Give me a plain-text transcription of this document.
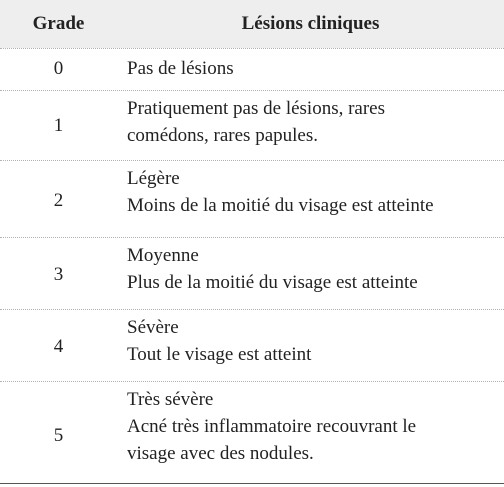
Grade	Lésions cliniques
0	Pas de lésions
1
Pratiquement pas de lésions, rares
comédons, rares papules.
2
Légère
Moins de la moitié du visage est atteinte
3
Moyenne
Plus de la moitié du visage est atteinte
4
Sévère
Tout le visage est atteint
5
Très sévère
Acné très inflammatoire recouvrant le
visage avec des nodules.
